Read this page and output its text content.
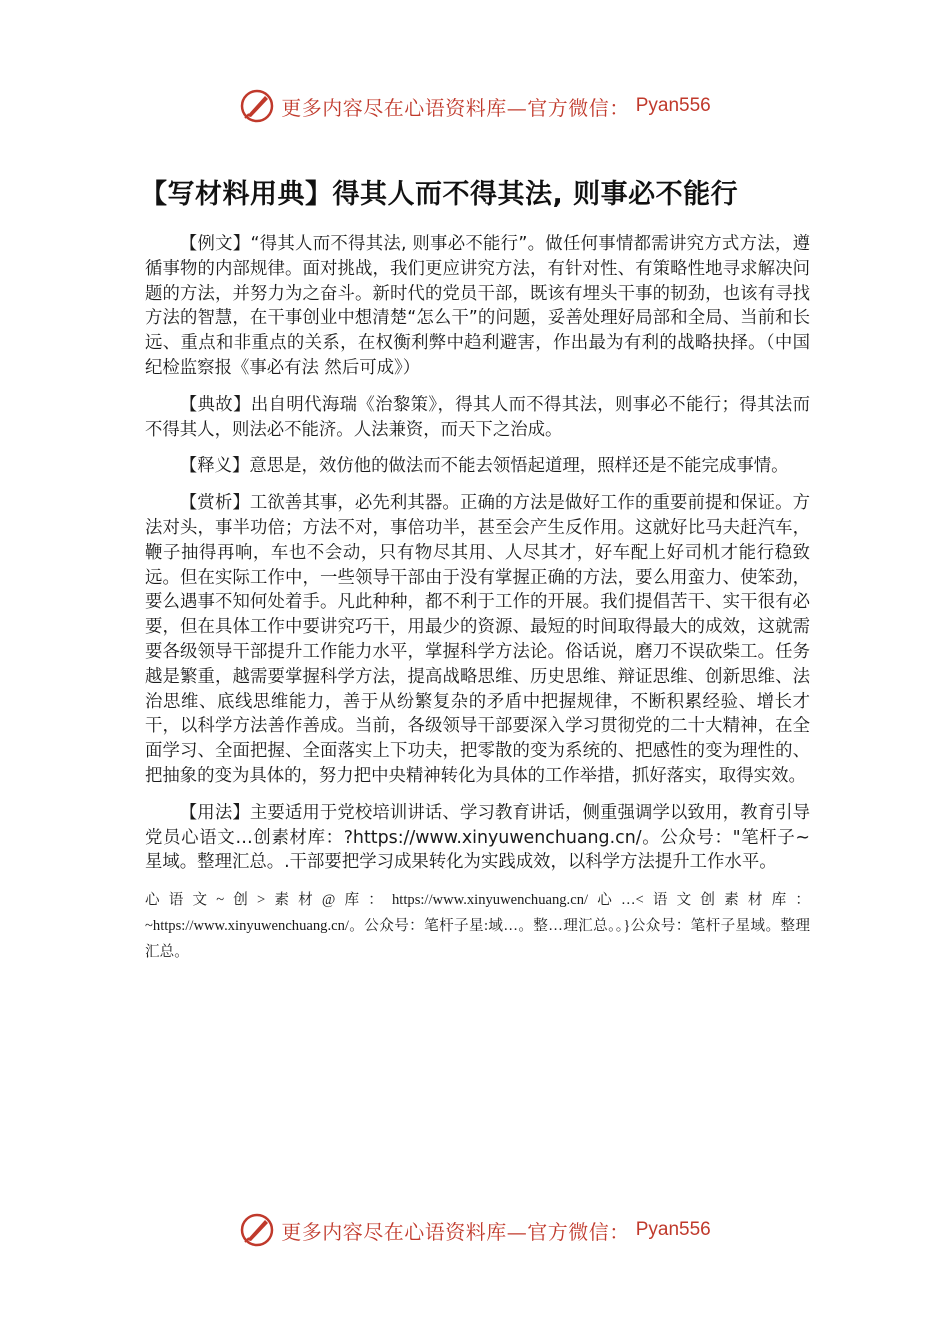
更多内容尽在心语资料库—官方微信： Pyan556
【写材料用典】得其人而不得其法, 则事必不能行

【例文】“得其人而不得其法, 则事必不能行”。做任何事情都需讲究方式方法，遵循事物的内部规律。面对挑战，我们更应讲究方法，有针对性、有策略性地寻求解决问题的方法，并努力为之奋斗。新时代的党员干部，既该有埋头干事的韧劲，也该有寻找方法的智慧，在干事创业中想清楚“怎么干”的问题，妥善处理好局部和全局、当前和长远、重点和非重点的关系，在权衡利弊中趋利避害，作出最为有利的战略抉择。（中国纪检监察报《事必有法 然后可成》）

【典故】出自明代海瑞《治黎策》，得其人而不得其法，则事必不能行；得其法而不得其人，则法必不能济。人法兼资，而天下之治成。

【释义】意思是，效仿他的做法而不能去领悟起道理，照样还是不能完成事情。

【赏析】工欲善其事，必先利其器。正确的方法是做好工作的重要前提和保证。方法对头，事半功倍；方法不对，事倍功半，甚至会产生反作用。这就好比马夫赶汽车，鞭子抽得再响，车也不会动，只有物尽其用、人尽其才，好车配上好司机才能行稳致远。但在实际工作中，一些领导干部由于没有掌握正确的方法，要么用蛮力、使笨劲，要么遇事不知何处着手。凡此种种，都不利于工作的开展。我们提倡苦干、实干很有必要，但在具体工作中要讲究巧干，用最少的资源、最短的时间取得最大的成效，这就需要各级领导干部提升工作能力水平，掌握科学方法论。俗话说，磨刀不误砍柴工。任务越是繁重，越需要掌握科学方法，提高战略思维、历史思维、辩证思维、创新思维、法治思维、底线思维能力，善于从纷繁复杂的矛盾中把握规律，不断积累经验、增长才干，以科学方法善作善成。当前，各级领导干部要深入学习贯彻党的二十大精神，在全面学习、全面把握、全面落实上下功夫，把零散的变为系统的、把感性的变为理性的、把抽象的变为具体的，努力把中央精神转化为具体的工作举措，抓好落实，取得实效。

【用法】主要适用于党校培训讲话、学习教育讲话，侧重强调学以致用，教育引导党员心语文…创素材库：?https://www.xinyuwenchuang.cn/。公众号："笔杆子~星域。整理汇总。.干部要把学习成果转化为实践成效，以科学方法提升工作水平。

心语文~创>素材@库：https://www.xinyuwenchuang.cn/心…<语文创素材库：~https://www.xinyuwenchuang.cn/。公众号：笔杆子星:域…。整…理汇总。。}公众号：笔杆子星域。整理汇总。

更多内容尽在心语资料库—官方微信： Pyan556
